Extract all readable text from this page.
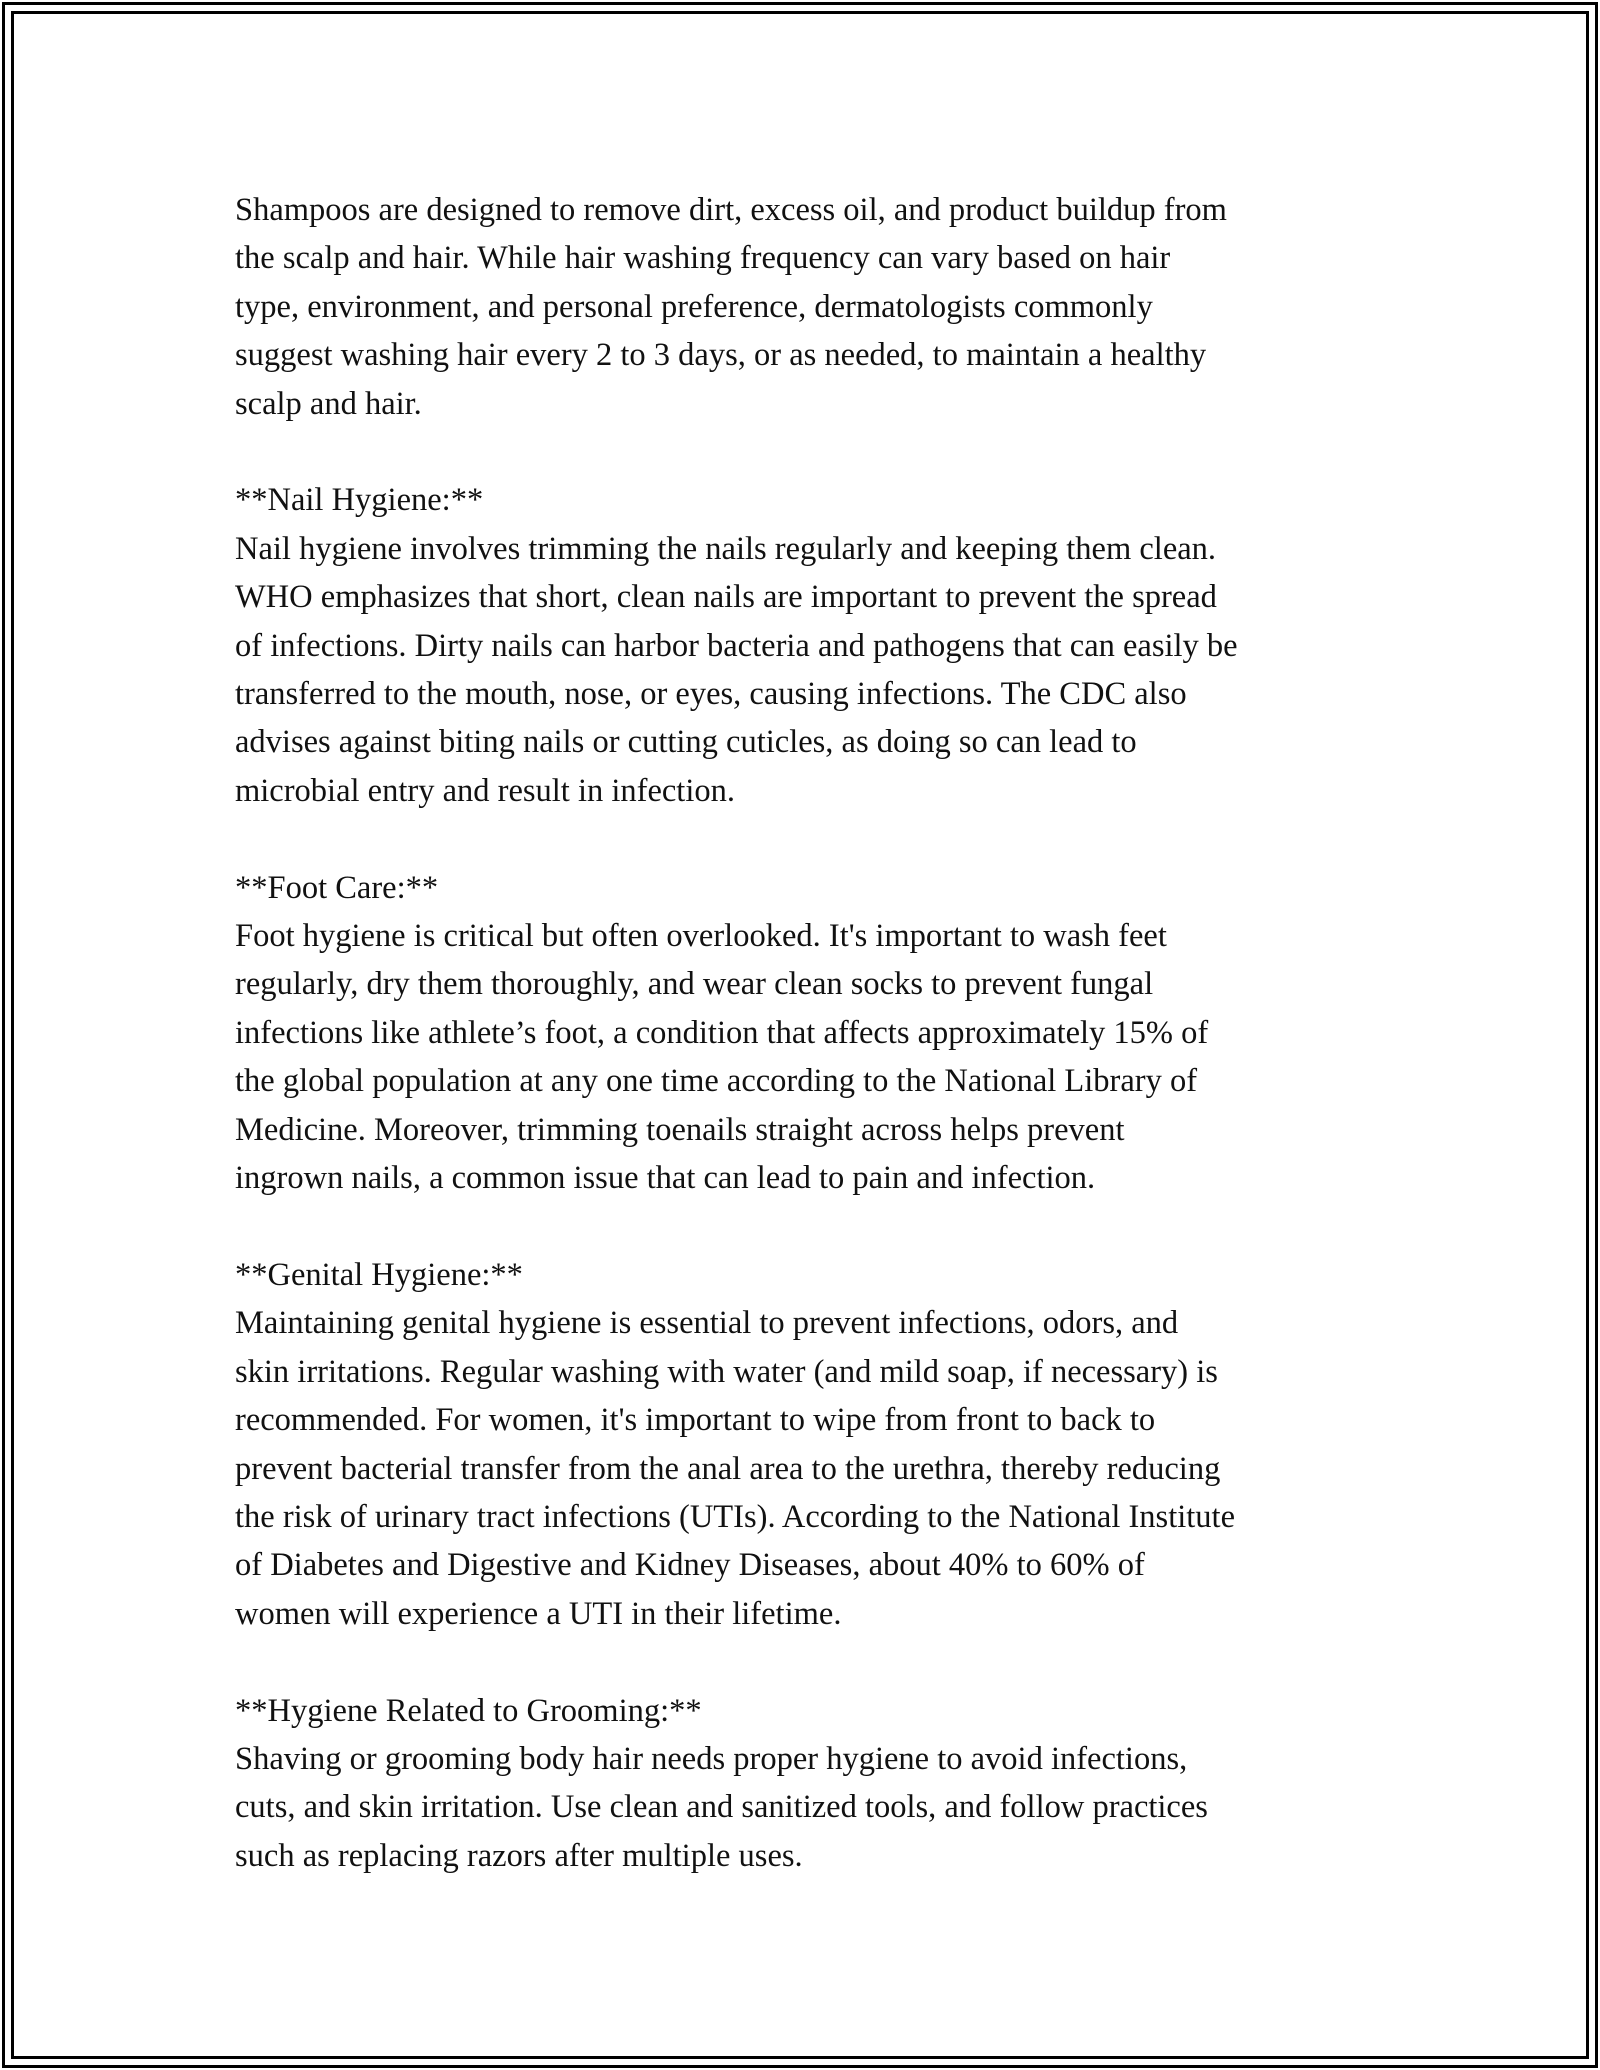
Shampoos are designed to remove dirt, excess oil, and product buildup from
the scalp and hair. While hair washing frequency can vary based on hair
type, environment, and personal preference, dermatologists commonly
suggest washing hair every 2 to 3 days, or as needed, to maintain a healthy
scalp and hair.

**Nail Hygiene:**

Nail hygiene involves trimming the nails regularly and keeping them clean.
WHO emphasizes that short, clean nails are important to prevent the spread
of infections. Dirty nails can harbor bacteria and pathogens that can easily be
transferred to the mouth, nose, or eyes, causing infections. The CDC also
advises against biting nails or cutting cuticles, as doing so can lead to
microbial entry and result in infection.

**Foot Care:**

Foot hygiene is critical but often overlooked. It's important to wash feet
regularly, dry them thoroughly, and wear clean socks to prevent fungal
infections like athlete’s foot, a condition that affects approximately 15% of
the global population at any one time according to the National Library of
Medicine. Moreover, trimming toenails straight across helps prevent
ingrown nails, a common issue that can lead to pain and infection.

**Genital Hygiene:**

Maintaining genital hygiene is essential to prevent infections, odors, and
skin irritations. Regular washing with water (and mild soap, if necessary) is
recommended. For women, it's important to wipe from front to back to
prevent bacterial transfer from the anal area to the urethra, thereby reducing
the risk of urinary tract infections (UTIs). According to the National Institute
of Diabetes and Digestive and Kidney Diseases, about 40% to 60% of
women will experience a UTI in their lifetime.

**Hygiene Related to Grooming:**

Shaving or grooming body hair needs proper hygiene to avoid infections,
cuts, and skin irritation. Use clean and sanitized tools, and follow practices
such as replacing razors after multiple uses.
